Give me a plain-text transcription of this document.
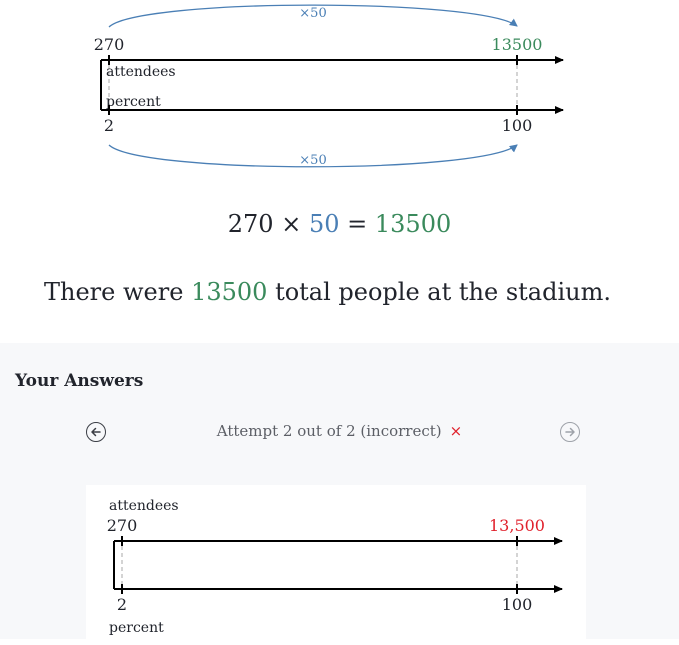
×50
270	13500
attendees
percent
2	100
×50
270 × 50 = 13500
There were 13500 total people at the stadium.
Your Answers
Attempt 2 out of 2 (incorrect) ×
attendees
270	13,500
2	100
percent
